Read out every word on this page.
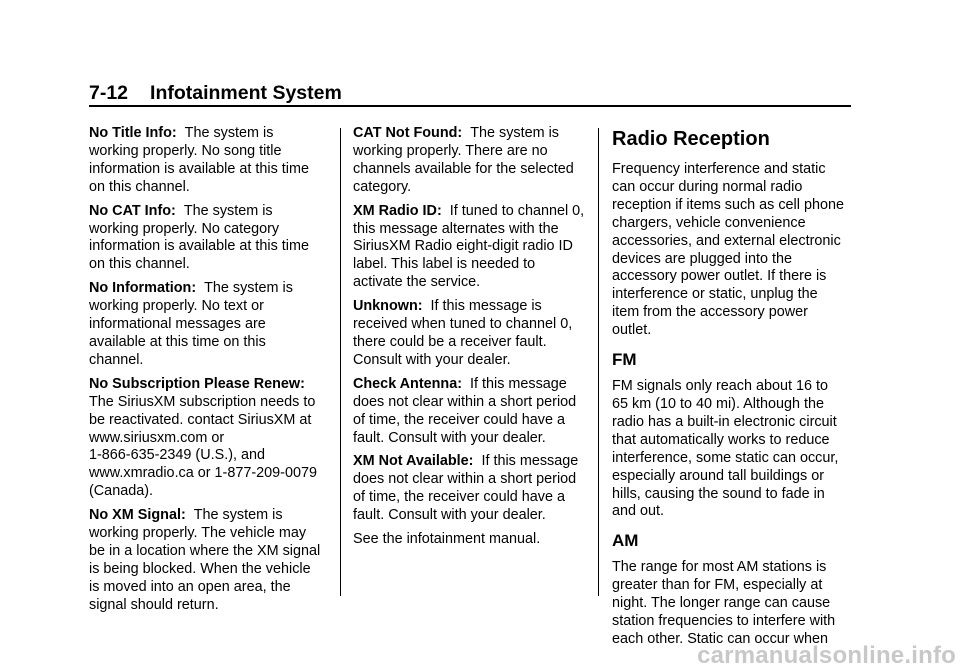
7-12 Infotainment System
No Title Info: The system is
working properly. No song title
information is available at this time
on this channel.
No CAT Info: The system is
working properly. No category
information is available at this time
on this channel.
No Information: The system is
working properly. No text or
informational messages are
available at this time on this
channel.
No Subscription Please Renew:
The SiriusXM subscription needs to
be reactivated. contact SiriusXM at
www.siriusxm.com or
1-866-635-2349 (U.S.), and
www.xmradio.ca or 1-877-209-0079
(Canada).
No XM Signal: The system is
working properly. The vehicle may
be in a location where the XM signal
is being blocked. When the vehicle
is moved into an open area, the
signal should return.
CAT Not Found: The system is
working properly. There are no
channels available for the selected
category.
XM Radio ID: If tuned to channel 0,
this message alternates with the
SiriusXM Radio eight-digit radio ID
label. This label is needed to
activate the service.
Unknown: If this message is
received when tuned to channel 0,
there could be a receiver fault.
Consult with your dealer.
Check Antenna: If this message
does not clear within a short period
of time, the receiver could have a
fault. Consult with your dealer.
XM Not Available: If this message
does not clear within a short period
of time, the receiver could have a
fault. Consult with your dealer.
See the infotainment manual.
Radio Reception
Frequency interference and static
can occur during normal radio
reception if items such as cell phone
chargers, vehicle convenience
accessories, and external electronic
devices are plugged into the
accessory power outlet. If there is
interference or static, unplug the
item from the accessory power
outlet.
FM
FM signals only reach about 16 to
65 km (10 to 40 mi). Although the
radio has a built-in electronic circuit
that automatically works to reduce
interference, some static can occur,
especially around tall buildings or
hills, causing the sound to fade in
and out.
AM
The range for most AM stations is
greater than for FM, especially at
night. The longer range can cause
station frequencies to interfere with
each other. Static can occur when
carmanualsonline.info
